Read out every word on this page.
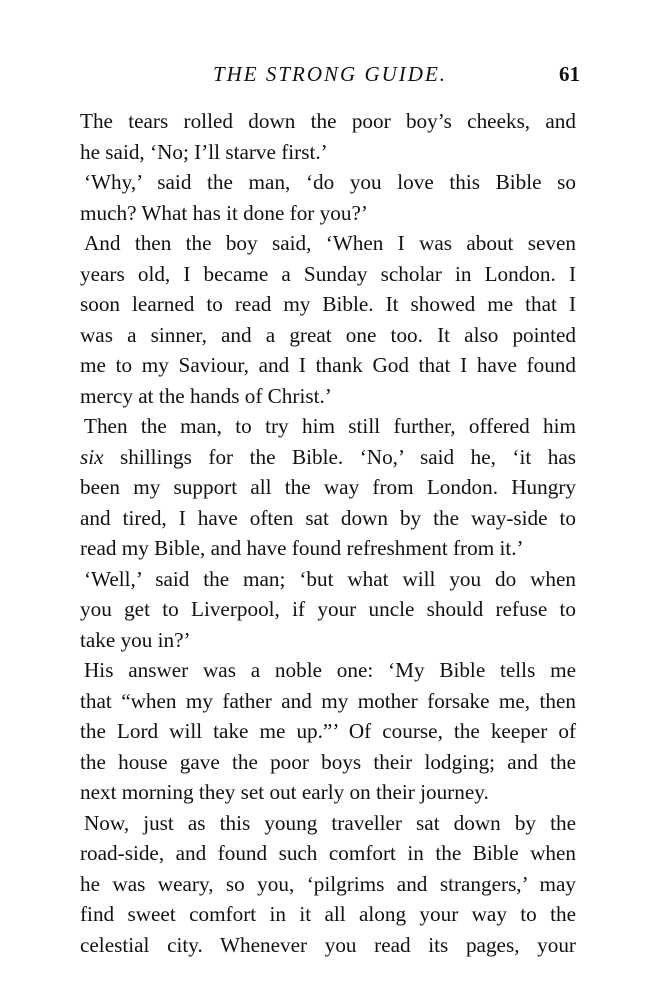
THE STRONG GUIDE.	61
The tears rolled down the poor boy’s cheeks, and
he said, ‘No; I’ll starve first.’
‘Why,’ said the man, ‘do you love this Bible so
much? What has it done for you?’
And then the boy said, ‘When I was about seven
years old, I became a Sunday scholar in London. I
soon learned to read my Bible. It showed me that I
was a sinner, and a great one too. It also pointed
me to my Saviour, and I thank God that I have found
mercy at the hands of Christ.’
Then the man, to try him still further, offered him
six shillings for the Bible. ‘No,’ said he, ‘it has
been my support all the way from London. Hungry
and tired, I have often sat down by the way-side to
read my Bible, and have found refreshment from it.’
‘Well,’ said the man; ‘but what will you do when
you get to Liverpool, if your uncle should refuse to
take you in?’
His answer was a noble one: ‘My Bible tells me
that “when my father and my mother forsake me, then
the Lord will take me up.”’ Of course, the keeper of
the house gave the poor boys their lodging; and the
next morning they set out early on their journey.
Now, just as this young traveller sat down by the
road-side, and found such comfort in the Bible when
he was weary, so you, ‘pilgrims and strangers,’ may
find sweet comfort in it all along your way to the
celestial city. Whenever you read its pages, your
